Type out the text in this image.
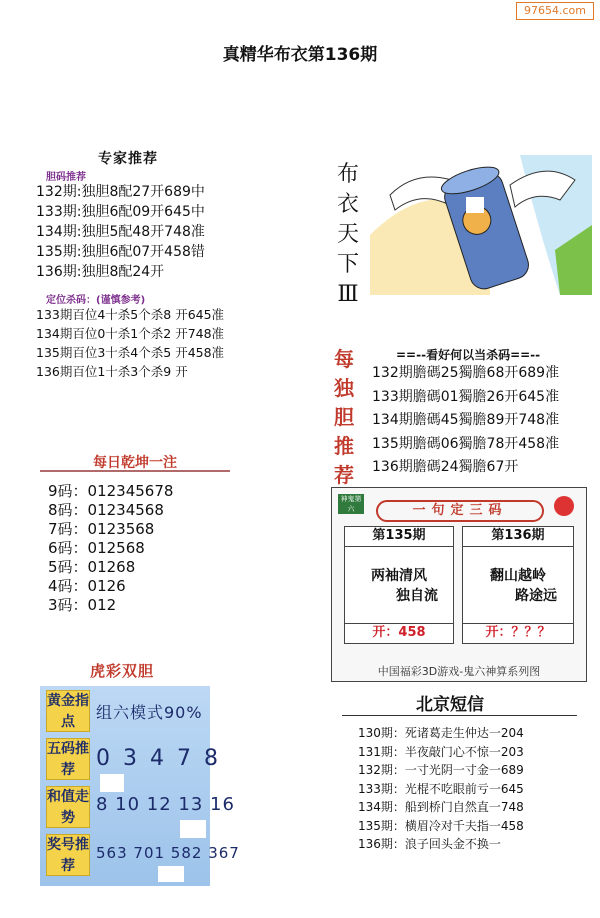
97654.com
真精华布衣第136期
专家推荐
胆码推荐
132期:独胆8配27开689中
133期:独胆6配09开645中
134期:独胆5配48开748准
135期:独胆6配07开458错
136期:独胆8配24开
定位杀码：(谨慎参考)
133期百位4十杀5个杀8 开645准
134期百位0十杀1个杀2 开748准
135期百位3十杀4个杀5 开458准
136期百位1十杀3个杀9 开
每日乾坤一注
9码：012345678
8码：01234568
7码：0123568
6码：012568
5码：01268
4码：0126
3码：012
虎彩双胆
黄金指点	组六模式90%
五码推荐 0 3 4 7 8
和值走势
8 10 12 13 16
奖号推荐
563 701 582 367
布衣天下Ⅲ
每独胆推荐
==--看好何以当杀码==--
132期膽碼25獨膽68开689准
133期膽碼01獨膽26开645准
134期膽碼45獨膽89开748准
135期膽碼06獨膽78开458准
136期膽碼24獨膽67开
神鬼第六	一句定三码
第135期
两袖清风
独自流
开：458
第136期
翻山越岭
路途远
开：？？？
中国福彩3D游戏-鬼六神算系列图
北京短信
130期：死诸葛走生仲达一204
131期：半夜敲门心不惊一203
132期：一寸光阴一寸金一689
133期：光棍不吃眼前亏一645
134期：船到桥门自然直一748
135期：横眉冷对千夫指一458
136期：浪子回头金不换一
